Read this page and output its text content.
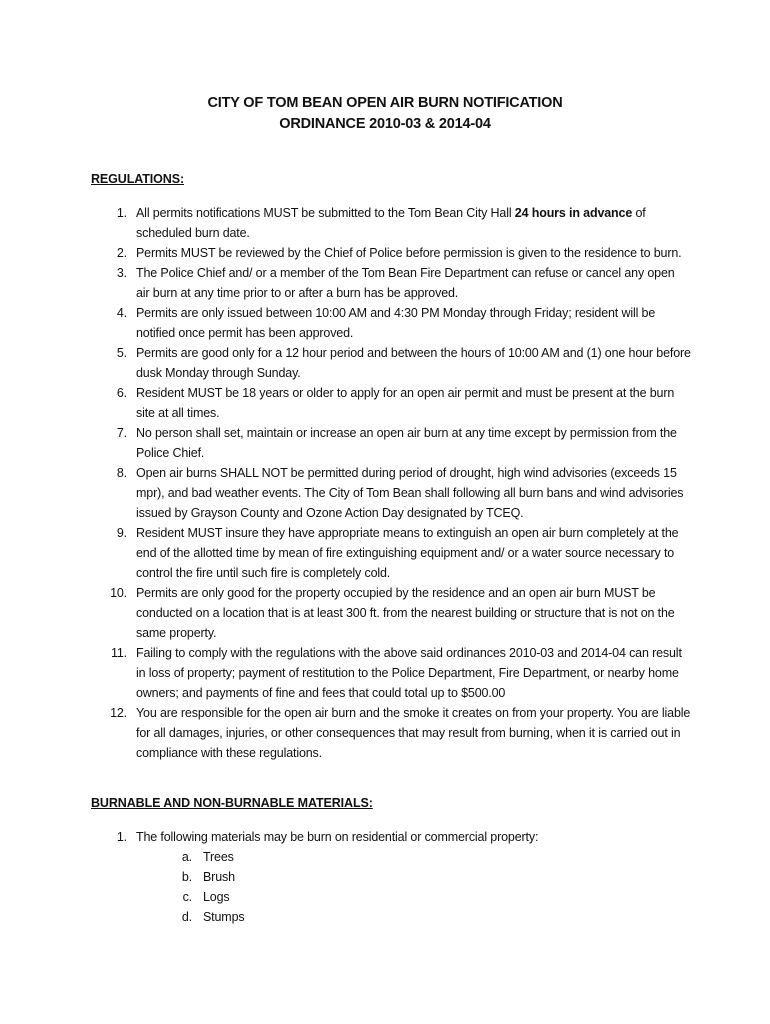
CITY OF TOM BEAN OPEN AIR BURN NOTIFICATION
ORDINANCE 2010-03 & 2014-04
REGULATIONS:
1. All permits notifications MUST be submitted to the Tom Bean City Hall 24 hours in advance of scheduled burn date.
2. Permits MUST be reviewed by the Chief of Police before permission is given to the residence to burn.
3. The Police Chief and/ or a member of the Tom Bean Fire Department can refuse or cancel any open air burn at any time prior to or after a burn has be approved.
4. Permits are only issued between 10:00 AM and 4:30 PM Monday through Friday; resident will be notified once permit has been approved.
5. Permits are good only for a 12 hour period and between the hours of 10:00 AM and (1) one hour before dusk Monday through Sunday.
6. Resident MUST be 18 years or older to apply for an open air permit and must be present at the burn site at all times.
7. No person shall set, maintain or increase an open air burn at any time except by permission from the Police Chief.
8. Open air burns SHALL NOT be permitted during period of drought, high wind advisories (exceeds 15 mpr), and bad weather events. The City of Tom Bean shall following all burn bans and wind advisories issued by Grayson County and Ozone Action Day designated by TCEQ.
9. Resident MUST insure they have appropriate means to extinguish an open air burn completely at the end of the allotted time by mean of fire extinguishing equipment and/ or a water source necessary to control the fire until such fire is completely cold.
10. Permits are only good for the property occupied by the residence and an open air burn MUST be conducted on a location that is at least 300 ft. from the nearest building or structure that is not on the same property.
11. Failing to comply with the regulations with the above said ordinances 2010-03 and 2014-04 can result in loss of property; payment of restitution to the Police Department, Fire Department, or nearby home owners; and payments of fine and fees that could total up to $500.00
12. You are responsible for the open air burn and the smoke it creates on from your property. You are liable for all damages, injuries, or other consequences that may result from burning, when it is carried out in compliance with these regulations.
BURNABLE AND NON-BURNABLE MATERIALS:
1. The following materials may be burn on residential or commercial property:
a. Trees
b. Brush
c. Logs
d. Stumps
